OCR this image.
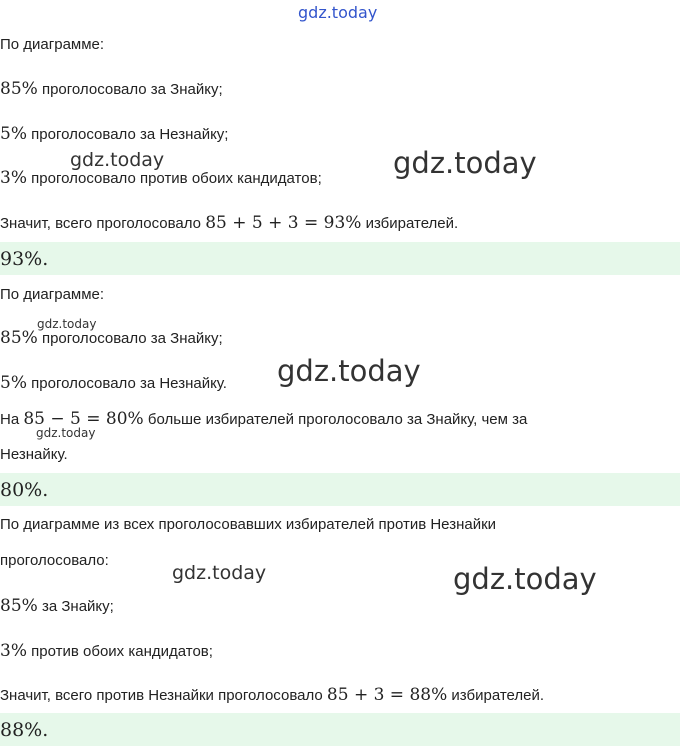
По диаграмме:
85% проголосовало за Знайку;
5% проголосовало за Незнайку;
3% проголосовало против обоих кандидатов;
Значит, всего проголосовало 85 + 5 + 3 = 93% избирателей.
93%.
По диаграмме:
85% проголосовало за Знайку;
5% проголосовало за Незнайку.
На 85 − 5 = 80% больше избирателей проголосовало за Знайку, чем за
Незнайку.
80%.
По диаграмме из всех проголосовавших избирателей против Незнайки
проголосовало:
85% за Знайку;
3% против обоих кандидатов;
Значит, всего против Незнайки проголосовало 85 + 3 = 88% избирателей.
88%.
gdz.today
gdz.today	gdz.today
gdz.today
gdz.today
gdz.today
gdz.today	gdz.today
